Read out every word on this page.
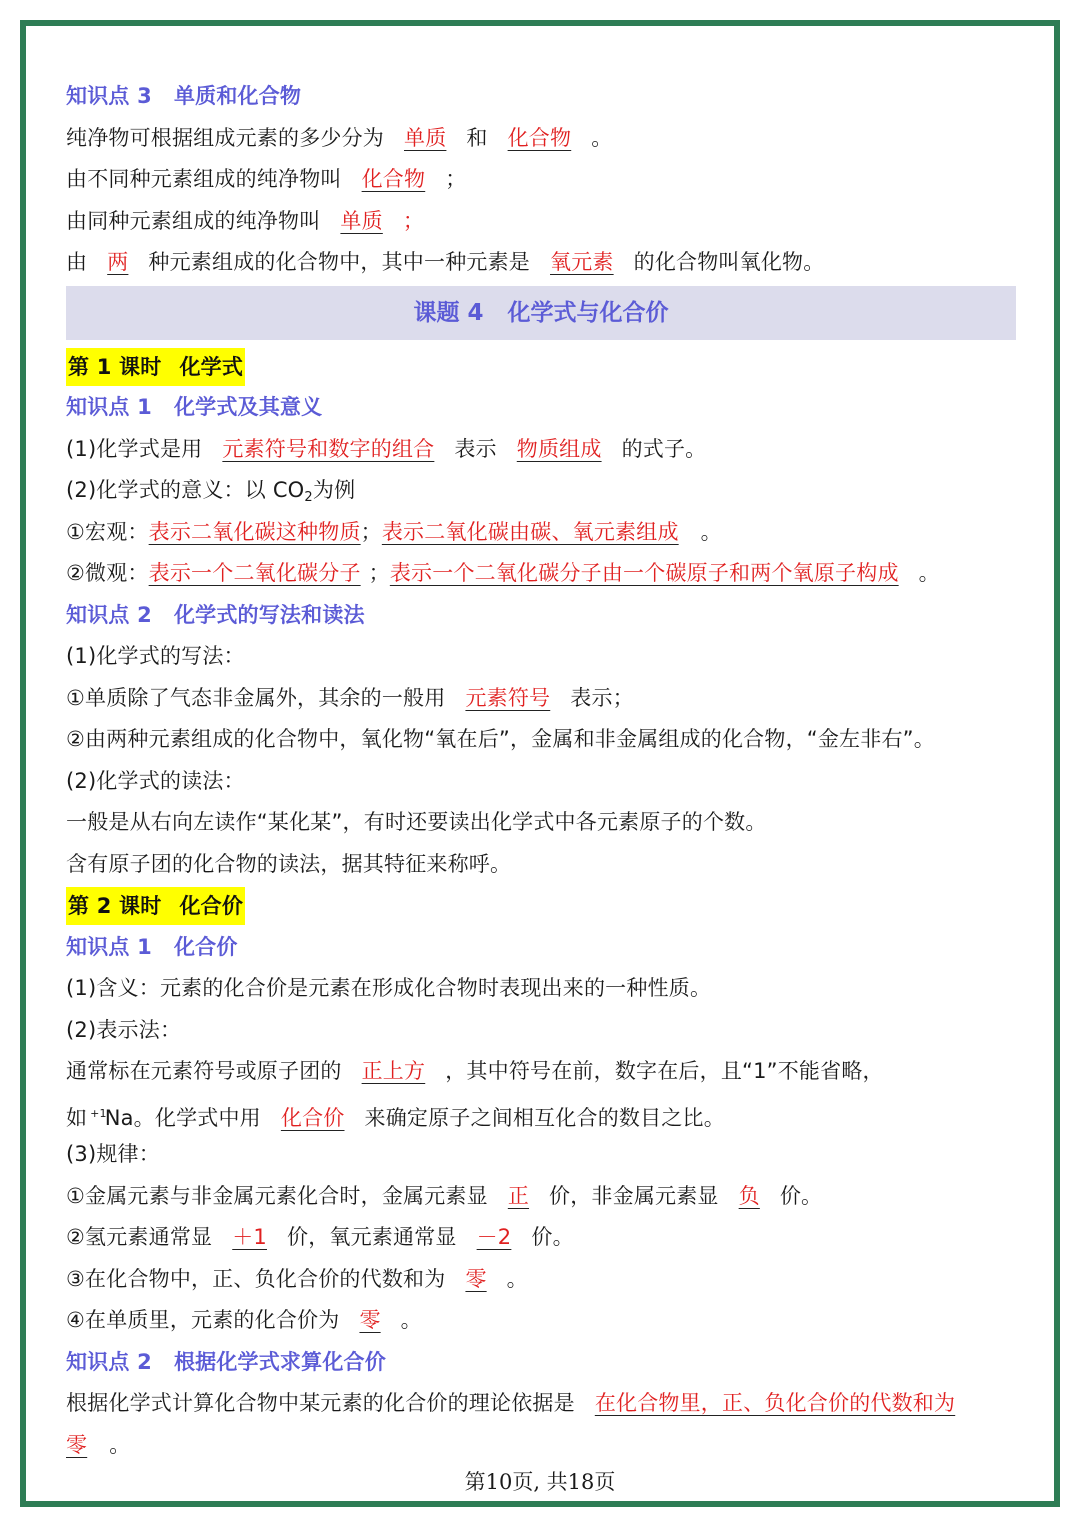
知识点 3 单质和化合物
纯净物可根据组成元素的多少分为 单质 和 化合物 。
由不同种元素组成的纯净物叫 化合物 ；
由同种元素组成的纯净物叫 单质 ；
由 两 种元素组成的化合物中，其中一种元素是 氧元素 的化合物叫氧化物。
课题 4 化学式与化合价
第 1 课时 化学式
知识点 1 化学式及其意义
(1)化学式是用 元素符号和数字的组合 表示 物质组成 的式子。
(2)化学式的意义：以 $CO_2$为例
①宏观：表示二氧化碳这种物质；表示二氧化碳由碳、氧元素组成 。
②微观：表示一个二氧化碳分子 ；表示一个二氧化碳分子由一个碳原子和两个氧原子构成 。
知识点 2 化学式的写法和读法
(1)化学式的写法：
①单质除了气态非金属外，其余的一般用 元素符号 表示；
②由两种元素组成的化合物中，氧化物“氧在后”，金属和非金属组成的化合物，“金左非右”。
(2)化学式的读法：
一般是从右向左读作“某化某”，有时还要读出化学式中各元素原子的个数。
含有原子团的化合物的读法，据其特征来称呼。
第 2 课时 化合价
知识点 1 化合价
(1)含义：元素的化合价是元素在形成化合物时表现出来的一种性质。
(2)表示法：
通常标在元素符号或原子团的 正上方 ，其中符号在前，数字在后，且“1”不能省略，
如 $^{+1}$Na。化学式中用 化合价 来确定原子之间相互化合的数目之比。
(3)规律：
①金属元素与非金属元素化合时，金属元素显 正 价，非金属元素显 负 价。
②氢元素通常显 ＋1 价，氧元素通常显 －2 价。
③在化合物中，正、负化合价的代数和为 零 。
④在单质里，元素的化合价为 零 。
知识点 2 根据化学式求算化合价
根据化学式计算化合物中某元素的化合价的理论依据是 在化合物里，正、负化合价的代数和为
零 。
第10页, 共18页
